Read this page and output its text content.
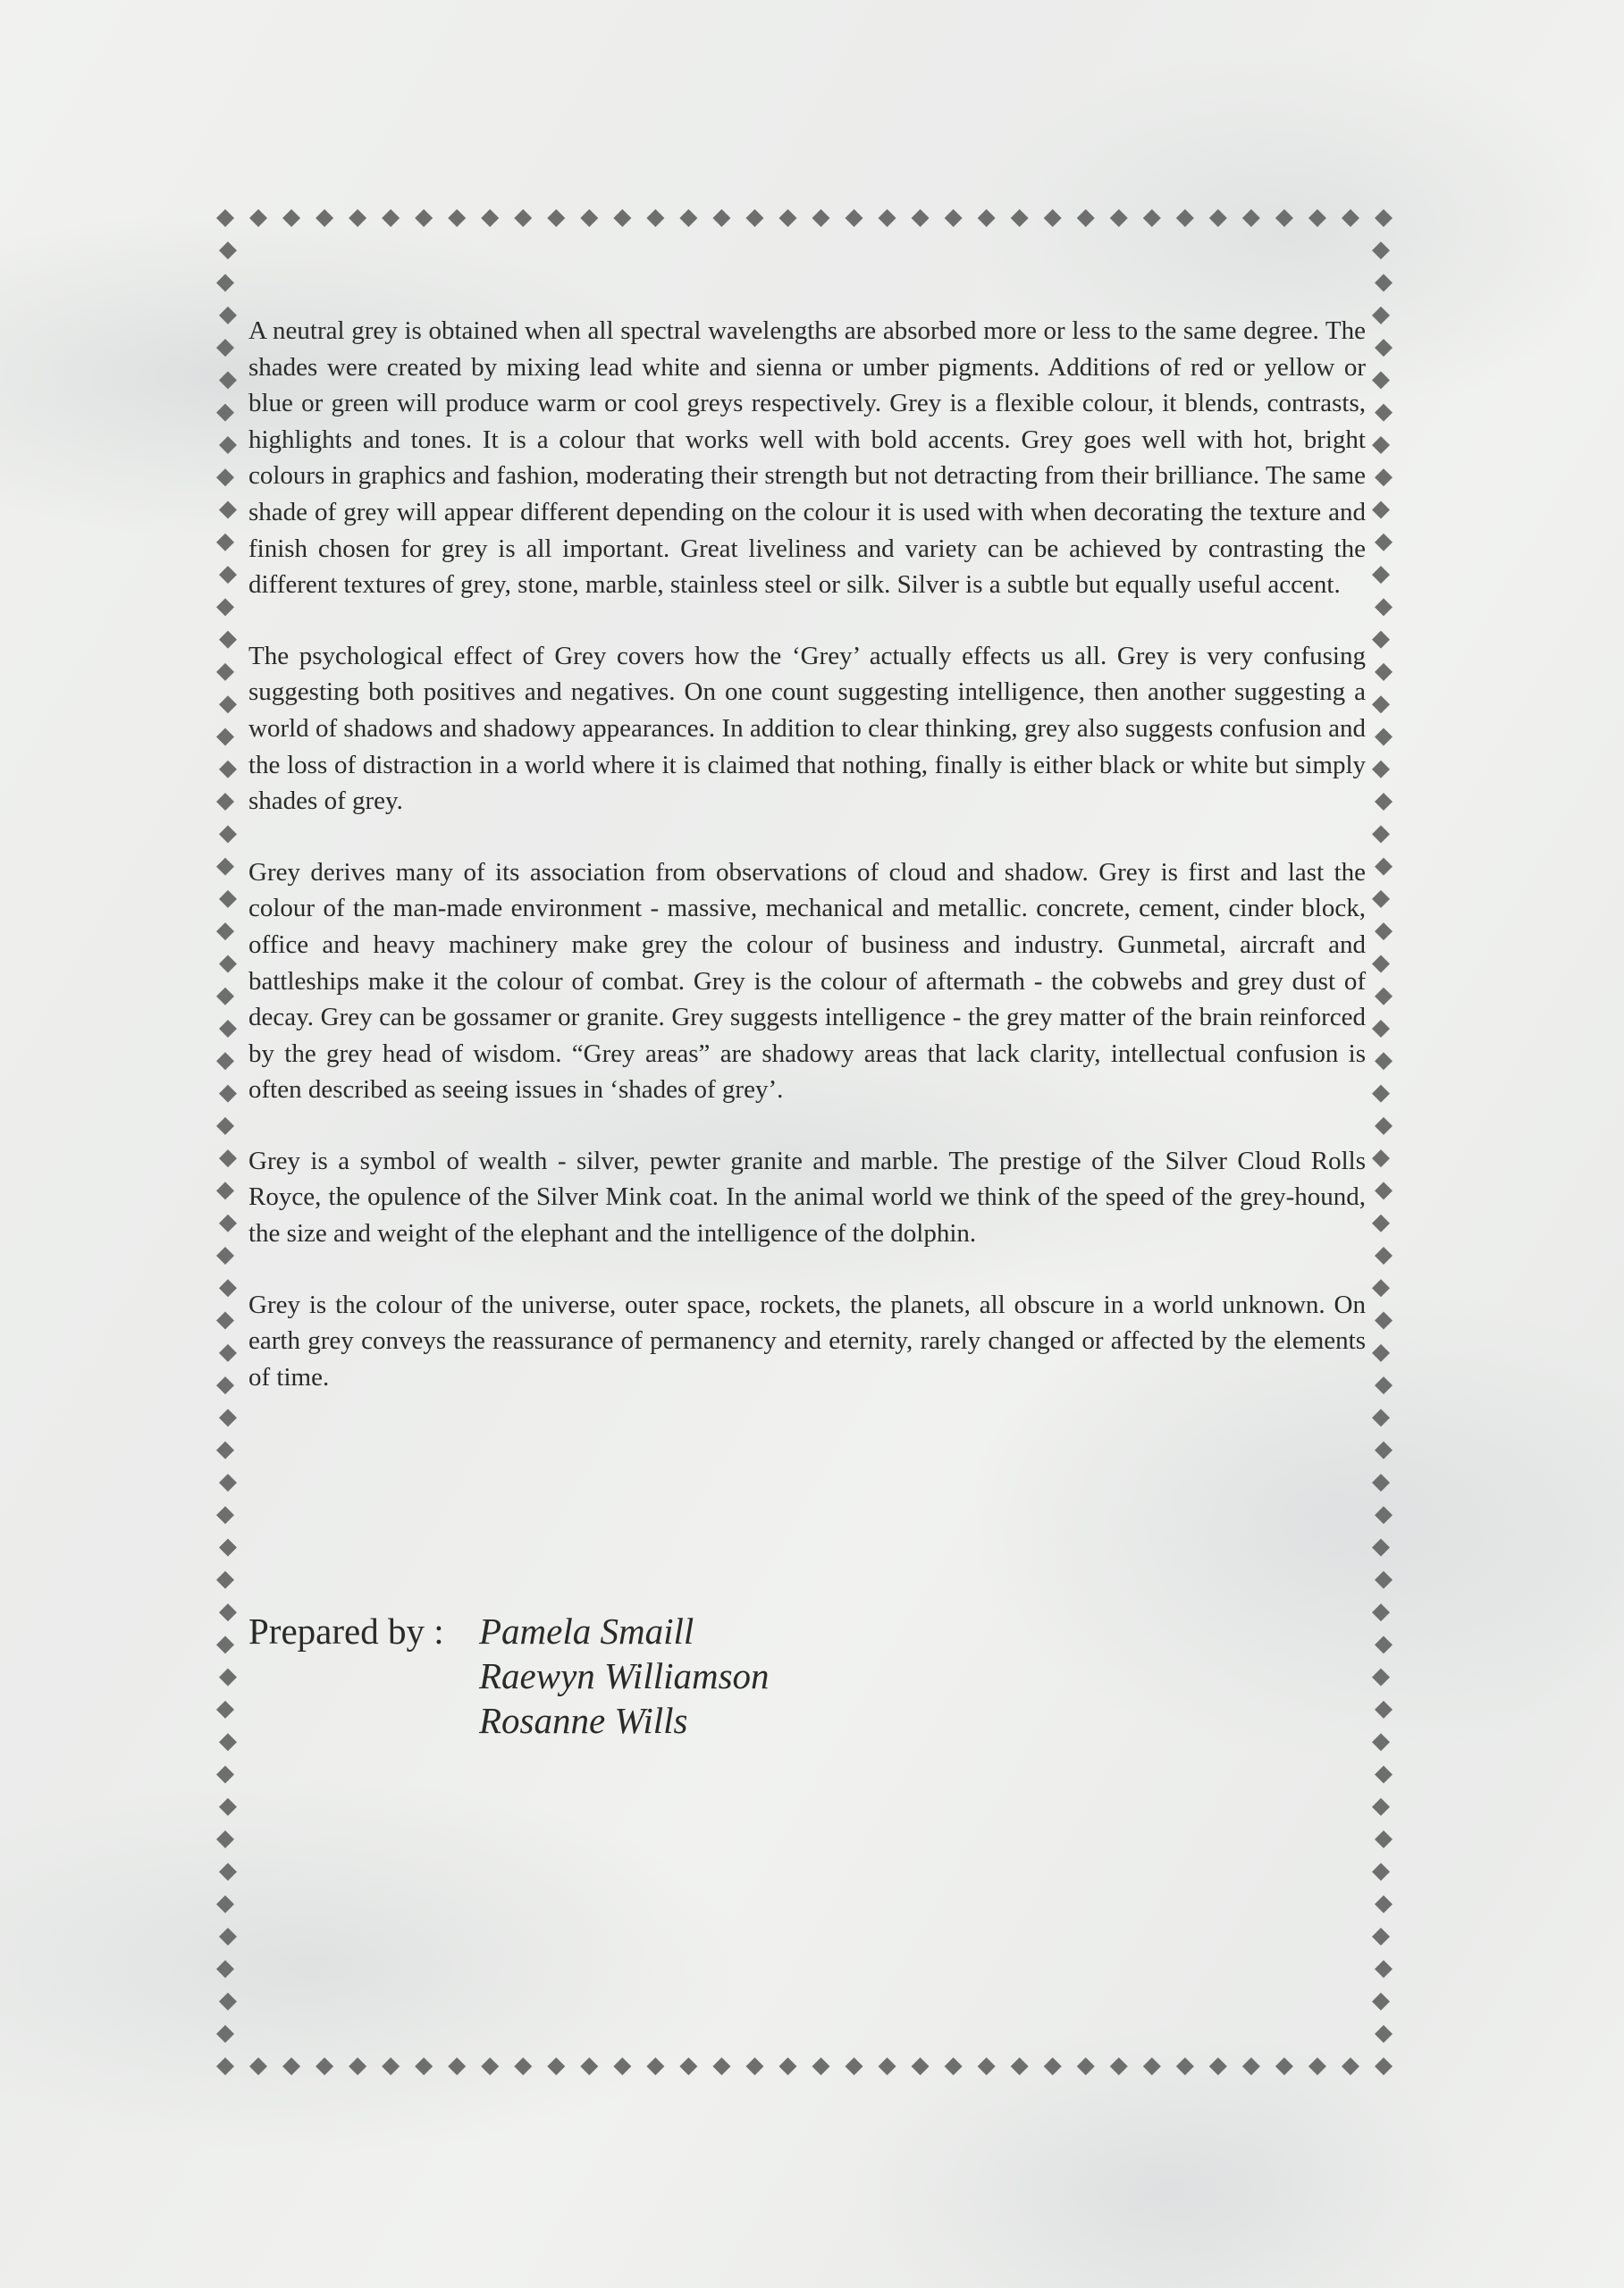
A neutral grey is obtained when all spectral wavelengths are absorbed more or less to the same degree. The shades were created by mixing lead white and sienna or umber pigments. Additions of red or yellow or blue or green will produce warm or cool greys respectively. Grey is a flexible colour, it blends, contrasts, highlights and tones. It is a colour that works well with bold accents. Grey goes well with hot, bright colours in graphics and fashion, moderating their strength but not detracting from their brilliance. The same shade of grey will appear different depending on the colour it is used with when decorating the texture and finish chosen for grey is all important. Great liveliness and variety can be achieved by contrasting the different textures of grey, stone, marble, stainless steel or silk. Silver is a subtle but equally useful accent.

The psychological effect of Grey covers how the ‘Grey’ actually effects us all. Grey is very confusing suggesting both positives and negatives. On one count suggesting intelligence, then another suggesting a world of shadows and shadowy appearances. In addition to clear thinking, grey also suggests confusion and the loss of distraction in a world where it is claimed that nothing, finally is either black or white but simply shades of grey.

Grey derives many of its association from observations of cloud and shadow. Grey is first and last the colour of the man-made environment - massive, mechanical and metallic. concrete, cement, cinder block, office and heavy machinery make grey the colour of business and industry. Gunmetal, aircraft and battleships make it the colour of combat. Grey is the colour of aftermath - the cobwebs and grey dust of decay. Grey can be gossamer or granite. Grey suggests intelligence - the grey matter of the brain reinforced by the grey head of wisdom. “Grey areas” are shadowy areas that lack clarity, intellectual confusion is often described as seeing issues in ‘shades of grey’.

Grey is a symbol of wealth - silver, pewter granite and marble. The prestige of the Silver Cloud Rolls Royce, the opulence of the Silver Mink coat. In the animal world we think of the speed of the grey-hound, the size and weight of the elephant and the intelligence of the dolphin.

Grey is the colour of the universe, outer space, rockets, the planets, all obscure in a world unknown. On earth grey conveys the reassurance of permanency and eternity, rarely changed or affected by the elements of time.

Prepared by : Pamela Smaill
Raewyn Williamson
Rosanne Wills
